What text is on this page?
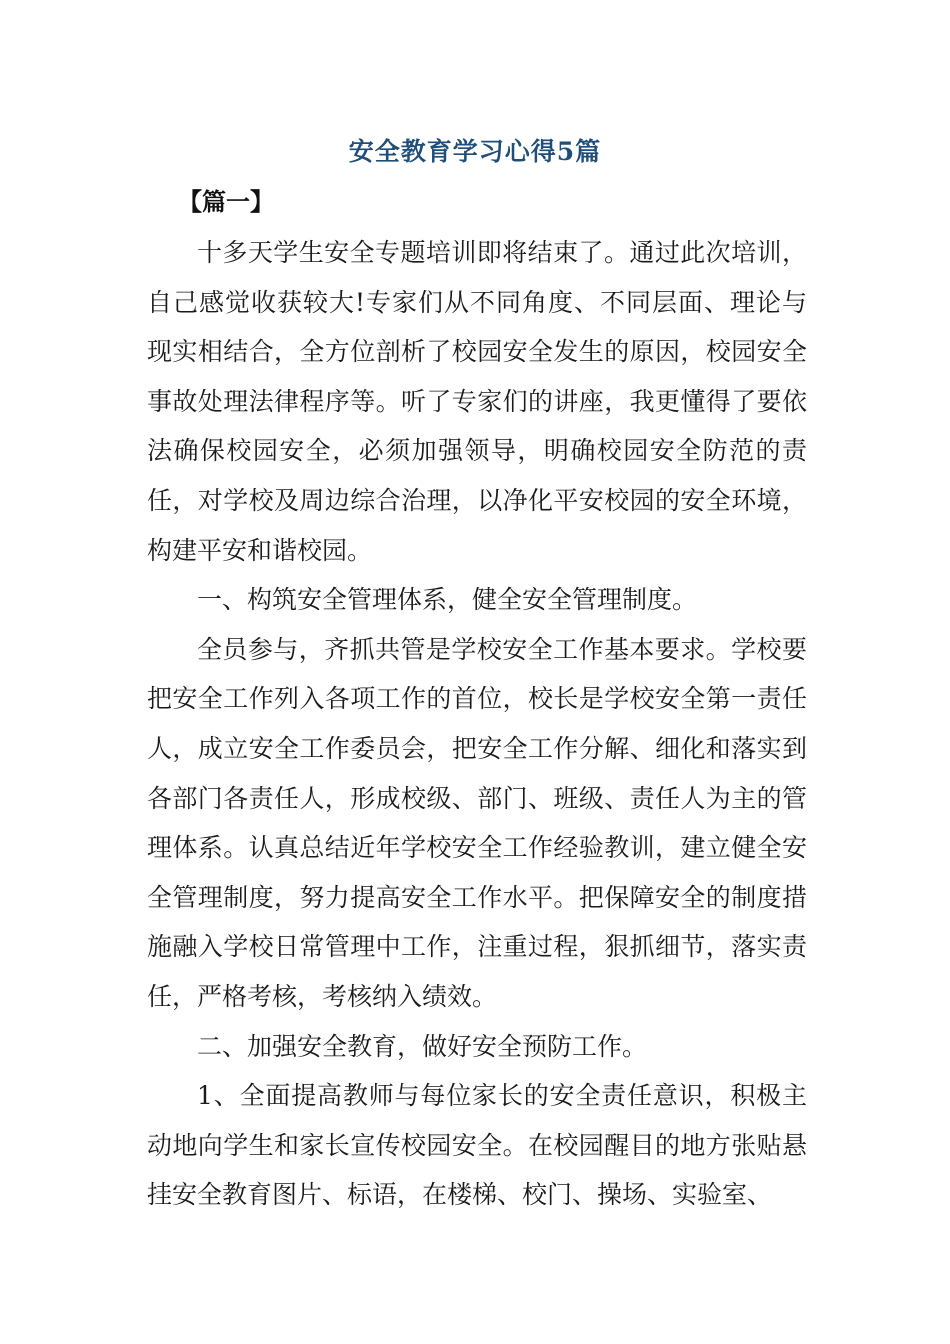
安全教育学习心得5篇
【篇一】

十多天学生安全专题培训即将结束了。通过此次培训，自己感觉收获较大!专家们从不同角度、不同层面、理论与现实相结合，全方位剖析了校园安全发生的原因，校园安全事故处理法律程序等。听了专家们的讲座，我更懂得了要依法确保校园安全，必须加强领导，明确校园安全防范的责任，对学校及周边综合治理，以净化平安校园的安全环境，构建平安和谐校园。

一、构筑安全管理体系，健全安全管理制度。

全员参与，齐抓共管是学校安全工作基本要求。学校要把安全工作列入各项工作的首位，校长是学校安全第一责任人，成立安全工作委员会，把安全工作分解、细化和落实到各部门各责任人，形成校级、部门、班级、责任人为主的管理体系。认真总结近年学校安全工作经验教训，建立健全安全管理制度，努力提高安全工作水平。把保障安全的制度措施融入学校日常管理中工作，注重过程，狠抓细节，落实责任，严格考核，考核纳入绩效。

二、加强安全教育，做好安全预防工作。

1、全面提高教师与每位家长的安全责任意识，积极主动地向学生和家长宣传校园安全。在校园醒目的地方张贴悬挂安全教育图片、标语，在楼梯、校门、操场、实验室、
